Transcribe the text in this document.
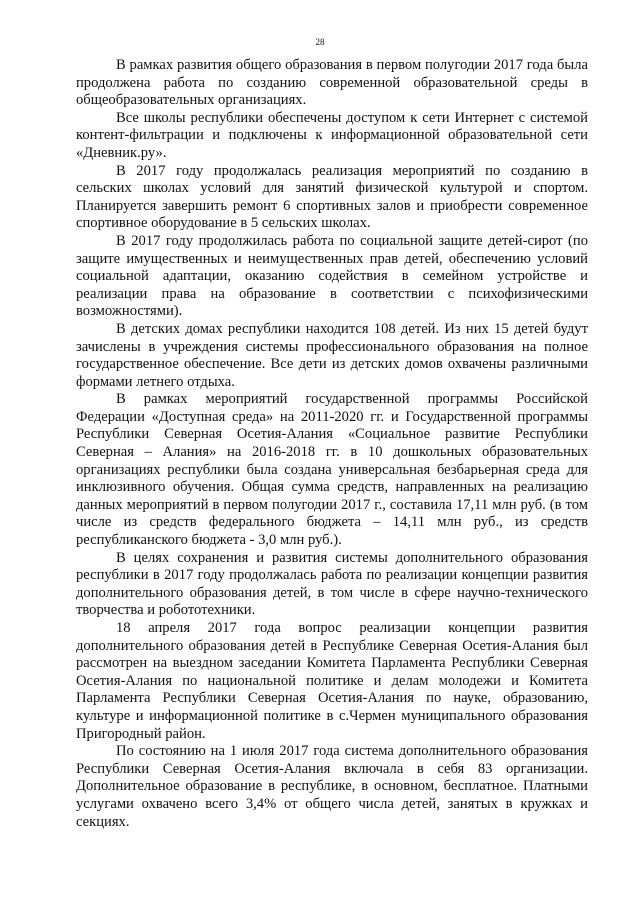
28

В рамках развития общего образования в первом полугодии 2017 года была продолжена работа по созданию современной образовательной среды в общеобразовательных организациях.

Все школы республики обеспечены доступом к сети Интернет с системой контент-фильтрации и подключены к информационной образовательной сети «Дневник.ру».

В 2017 году продолжалась реализация мероприятий по созданию в сельских школах условий для занятий физической культурой и спортом. Планируется завершить ремонт 6 спортивных залов и приобрести современное спортивное оборудование в 5 сельских школах.

В 2017 году продолжилась работа по социальной защите детей-сирот (по защите имущественных и неимущественных прав детей, обеспечению условий социальной адаптации, оказанию содействия в семейном устройстве и реализации права на образование в соответствии с психофизическими возможностями).

В детских домах республики находится 108 детей. Из них 15 детей будут зачислены в учреждения системы профессионального образования на полное государственное обеспечение. Все дети из детских домов охвачены различными формами летнего отдыха.

В рамках мероприятий государственной программы Российской Федерации «Доступная среда» на 2011-2020 гг. и Государственной программы Республики Северная Осетия-Алания «Социальное развитие Республики Северная – Алания» на 2016-2018 гг. в 10 дошкольных образовательных организациях республики была создана универсальная безбарьерная среда для инклюзивного обучения. Общая сумма средств, направленных на реализацию данных мероприятий в первом полугодии 2017 г., составила 17,11 млн руб. (в том числе из средств федерального бюджета – 14,11 млн руб., из средств республиканского бюджета - 3,0 млн руб.).

В целях сохранения и развития системы дополнительного образования республики в 2017 году продолжалась работа по реализации концепции развития дополнительного образования детей, в том числе в сфере научно-технического творчества и робототехники.

18 апреля 2017 года вопрос реализации концепции развития дополнительного образования детей в Республике Северная Осетия-Алания был рассмотрен на выездном заседании Комитета Парламента Республики Северная Осетия-Алания по национальной политике и делам молодежи и Комитета Парламента Республики Северная Осетия-Алания по науке, образованию, культуре и информационной политике в с.Чермен муниципального образования Пригородный район.

По состоянию на 1 июля 2017 года система дополнительного образования Республики Северная Осетия-Алания включала в себя 83 организации. Дополнительное образование в республике, в основном, бесплатное. Платными услугами охвачено всего 3,4% от общего числа детей, занятых в кружках и секциях.
